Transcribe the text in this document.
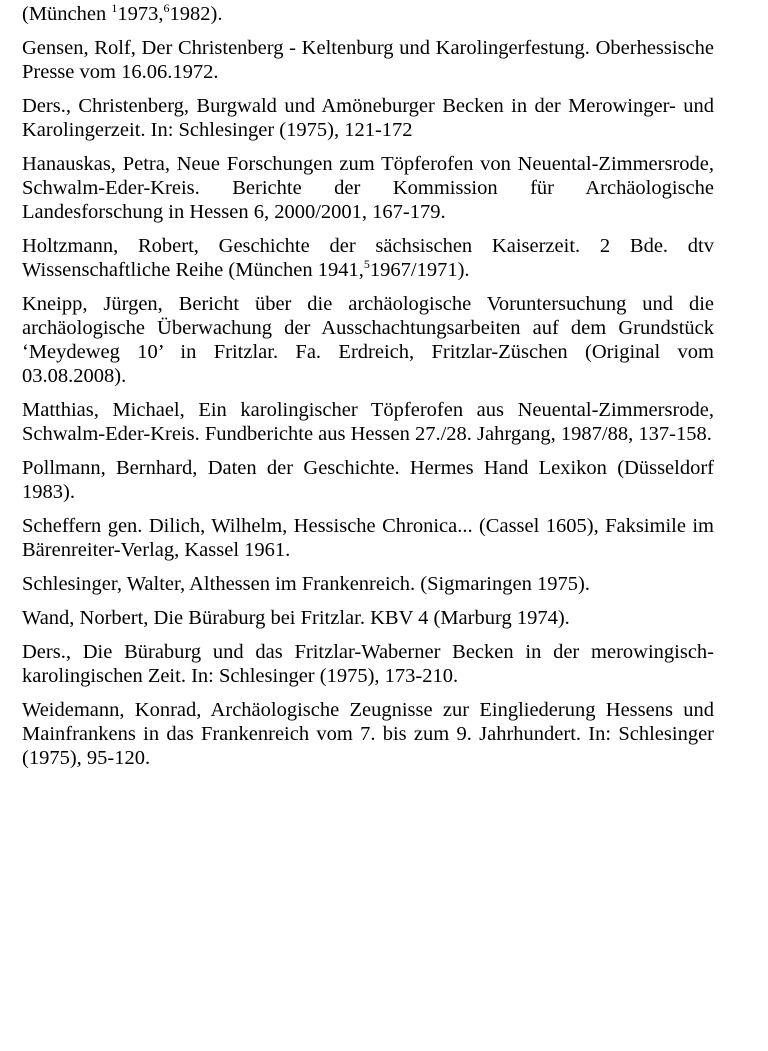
(München $^1$1973,$^6$1982).

Gensen, Rolf, Der Christenberg - Keltenburg und Karolingerfestung. Oberhessische Presse vom 16.06.1972.

Ders., Christenberg, Burgwald und Amöneburger Becken in der Merowinger- und Karolingerzeit. In: Schlesinger (1975), 121-172

Hanauskas, Petra, Neue Forschungen zum Töpferofen von Neuental-Zimmersrode, Schwalm-Eder-Kreis. Berichte der Kommission für Archäologische Landesforschung in Hessen 6, 2000/2001, 167-179.

Holtzmann, Robert, Geschichte der sächsischen Kaiserzeit. 2 Bde. dtv Wissenschaftliche Reihe (München 1941,$^5$1967/1971).

Kneipp, Jürgen, Bericht über die archäologische Voruntersuchung und die archäologische Überwachung der Ausschachtungsarbeiten auf dem Grundstück ‘Meydeweg 10’ in Fritzlar. Fa. Erdreich, Fritzlar-Züschen (Original vom 03.08.2008).

Matthias, Michael, Ein karolingischer Töpferofen aus Neuental-Zimmersrode, Schwalm-Eder-Kreis. Fundberichte aus Hessen 27./28. Jahrgang, 1987/88, 137-158.

Pollmann, Bernhard, Daten der Geschichte. Hermes Hand Lexikon (Düsseldorf 1983).

Scheffern gen. Dilich, Wilhelm, Hessische Chronica... (Cassel 1605), Faksimile im Bärenreiter-Verlag, Kassel 1961.

Schlesinger, Walter, Althessen im Frankenreich. (Sigmaringen 1975).

Wand, Norbert, Die Büraburg bei Fritzlar. KBV 4 (Marburg 1974).

Ders., Die Büraburg und das Fritzlar-Waberner Becken in der merowingisch-karolingischen Zeit. In: Schlesinger (1975), 173-210.

Weidemann, Konrad, Archäologische Zeugnisse zur Eingliederung Hessens und Mainfrankens in das Frankenreich vom 7. bis zum 9. Jahrhundert. In: Schlesinger (1975), 95-120.
